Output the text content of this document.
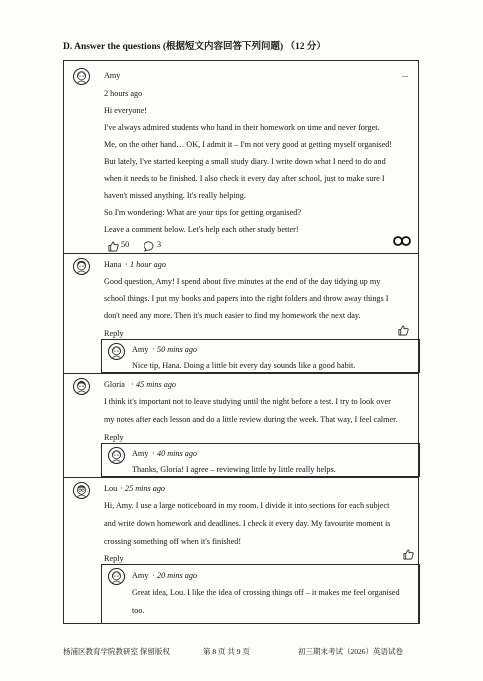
D. Answer the questions (根据短文内容回答下列问题) （12 分）
Amy	...
2 hours ago
Hi everyone!
I've always admired students who hand in their homework on time and never forget.
Me, on the other hand… OK, I admit it – I'm not very good at getting myself organised!
But lately, I've started keeping a small study diary. I write down what I need to do and
when it needs to be finished. I also check it every day after school, just to make sure I
haven't missed anything. It's really helping.
So I'm wondering: What are your tips for getting organised?
Leave a comment below. Let's help each other study better!
50	3
Hana · 1 hour ago
Good question, Amy! I spend about five minutes at the end of the day tidying up my
school things. I put my books and papers into the right folders and throw away things I
don't need any more. Then it's much easier to find my homework the next day.
Reply
Amy · 50 mins ago
Nice tip, Hana. Doing a little bit every day sounds like a good habit.
Gloria · 45 mins ago
I think it's important not to leave studying until the night before a test. I try to look over
my notes after each lesson and do a little review during the week. That way, I feel calmer.
Reply
Amy · 40 mins ago
Thanks, Gloria! I agree – reviewing little by little really helps.
Lou · 25 mins ago
Hi, Amy. I use a large noticeboard in my room. I divide it into sections for each subject
and write down homework and deadlines. I check it every day. My favourite moment is
crossing something off when it's finished!
Reply
Amy · 20 mins ago
Great idea, Lou. I like the idea of crossing things off – it makes me feel organised
too.
杨浦区教育学院教研室 保留版权	第 8 页 共 9 页	初三期末考试（2026）英语试卷
